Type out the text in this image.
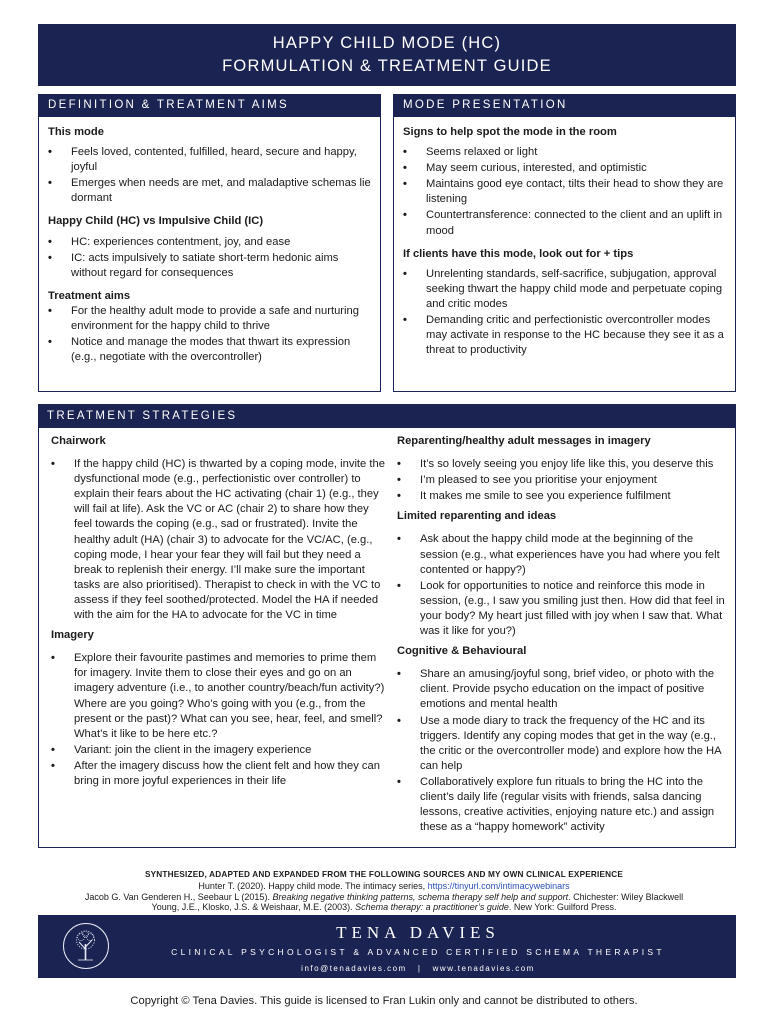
HAPPY CHILD MODE (HC)
FORMULATION & TREATMENT GUIDE
DEFINITION & TREATMENT AIMS
This mode
• Feels loved, contented, fulfilled, heard, secure and happy, joyful
• Emerges when needs are met, and maladaptive schemas lie dormant
Happy Child (HC) vs Impulsive Child (IC)
• HC: experiences contentment, joy, and ease
• IC: acts impulsively to satiate short-term hedonic aims without regard for consequences
Treatment aims
• For the healthy adult mode to provide a safe and nurturing environment for the happy child to thrive
• Notice and manage the modes that thwart its expression (e.g., negotiate with the overcontroller)
MODE PRESENTATION
Signs to help spot the mode in the room
• Seems relaxed or light
• May seem curious, interested, and optimistic
• Maintains good eye contact, tilts their head to show they are listening
• Countertransference: connected to the client and an uplift in mood
If clients have this mode, look out for + tips
• Unrelenting standards, self-sacrifice, subjugation, approval seeking thwart the happy child mode and perpetuate coping and critic modes
• Demanding critic and perfectionistic overcontroller modes may activate in response to the HC because they see it as a threat to productivity
TREATMENT STRATEGIES
Chairwork
• If the happy child (HC) is thwarted by a coping mode, invite the dysfunctional mode (e.g., perfectionistic over controller) to explain their fears about the HC activating (chair 1) (e.g., they will fail at life). Ask the VC or AC (chair 2) to share how they feel towards the coping (e.g., sad or frustrated). Invite the healthy adult (HA) (chair 3) to advocate for the VC/AC, (e.g., coping mode, I hear your fear they will fail but they need a break to replenish their energy. I’ll make sure the important tasks are also prioritised). Therapist to check in with the VC to assess if they feel soothed/protected. Model the HA if needed with the aim for the HA to advocate for the VC in time
Imagery
• Explore their favourite pastimes and memories to prime them for imagery. Invite them to close their eyes and go on an imagery adventure (i.e., to another country/beach/fun activity?) Where are you going? Who’s going with you (e.g., from the present or the past)? What can you see, hear, feel, and smell? What’s it like to be here etc.?
• Variant: join the client in the imagery experience
• After the imagery discuss how the client felt and how they can bring in more joyful experiences in their life
Reparenting/healthy adult messages in imagery
• It’s so lovely seeing you enjoy life like this, you deserve this
• I’m pleased to see you prioritise your enjoyment
• It makes me smile to see you experience fulfilment
Limited reparenting and ideas
• Ask about the happy child mode at the beginning of the session (e.g., what experiences have you had where you felt contented or happy?)
• Look for opportunities to notice and reinforce this mode in session, (e.g., I saw you smiling just then. How did that feel in your body? My heart just filled with joy when I saw that. What was it like for you?)
Cognitive & Behavioural
• Share an amusing/joyful song, brief video, or photo with the client. Provide psycho education on the impact of positive emotions and mental health
• Use a mode diary to track the frequency of the HC and its triggers. Identify any coping modes that get in the way (e.g., the critic or the overcontroller mode) and explore how the HA can help
• Collaboratively explore fun rituals to bring the HC into the client’s daily life (regular visits with friends, salsa dancing lessons, creative activities, enjoying nature etc.) and assign these as a “happy homework” activity
SYNTHESIZED, ADAPTED AND EXPANDED FROM THE FOLLOWING SOURCES AND MY OWN CLINICAL EXPERIENCE
Hunter T. (2020). Happy child mode. The intimacy series, https://tinyurl.com/intimacywebinars
Jacob G. Van Genderen H., Seebaur L (2015). Breaking negative thinking patterns, schema therapy self help and support. Chichester: Wiley Blackwell
Young, J.E., Klosko, J.S. & Weishaar, M.E. (2003). Schema therapy: a practitioner’s guide. New York: Guilford Press.
TENA DAVIES
CLINICAL PSYCHOLOGIST & ADVANCED CERTIFIED SCHEMA THERAPIST
info@tenadavies.com | www.tenadavies.com
Copyright © Tena Davies. This guide is licensed to Fran Lukin only and cannot be distributed to others.
